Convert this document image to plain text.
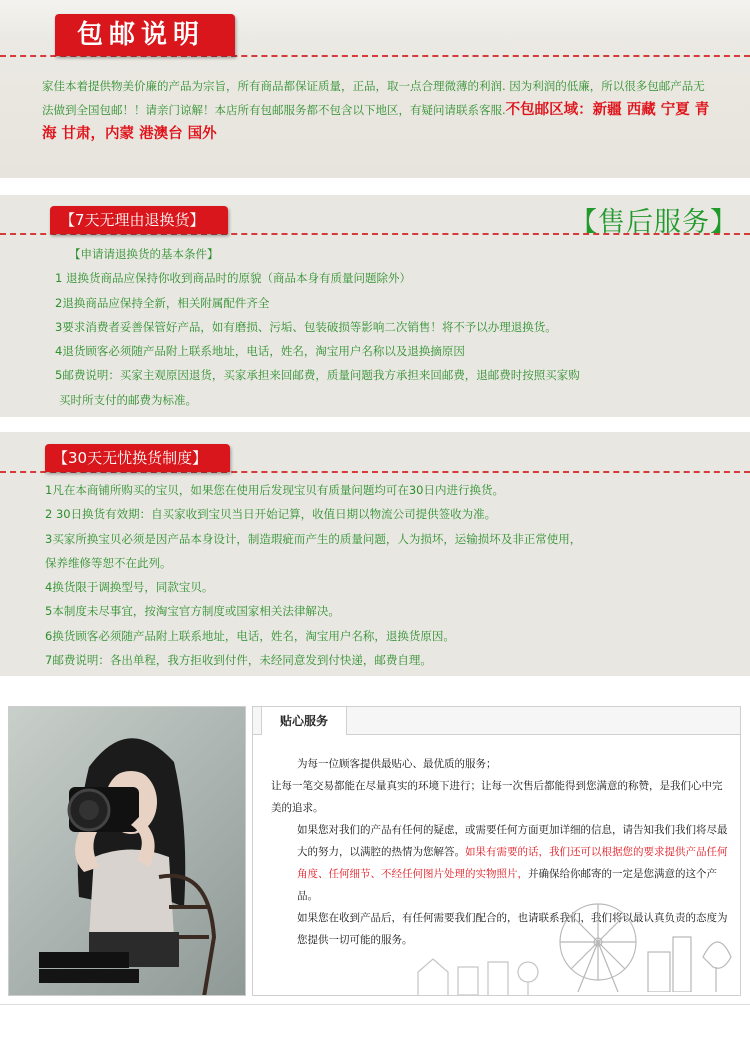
包邮说明
家佳本着提供物美价廉的产品为宗旨，所有商品都保证质量，正品，取一点合理微薄的利润. 因为利润的低廉，所以很多包邮产品无法做到全国包邮！！请亲门谅解！本店所有包邮服务都不包含以下地区，有疑问请联系客服.不包邮区域：新疆 西藏 宁夏 青海 甘肃，内蒙 港澳台 国外
【7天无理由退换货】	【售后服务】
【申请请退换货的基本条件】
1 退换货商品应保持你收到商品时的原貌（商品本身有质量问题除外）
2退换商品应保持全新，相关附属配件齐全
3要求消费者妥善保管好产品，如有磨损、污垢、包装破损等影响二次销售！将不予以办理退换货。
4退货顾客必须随产品附上联系地址，电话，姓名，淘宝用户名称以及退换摘原因
5邮费说明：买家主观原因退货，买家承担来回邮费，质量问题我方承担来回邮费，退邮费时按照买家购
买时所支付的邮费为标准。
【30天无忧换货制度】
1凡在本商铺所购买的宝贝，如果您在使用后发现宝贝有质量问题均可在30日内进行换货。
2 30日换货有效期：自买家收到宝贝当日开始记算，收值日期以物流公司提供签收为准。
3买家所换宝贝必须是因产品本身设计，制造瑕疵而产生的质量问题，人为损坏，运输损坏及非正常使用，
保养维修等恕不在此列。
4换货限于调换型号，同款宝贝。
5本制度未尽事宜，按淘宝官方制度或国家相关法律解决。
6换货顾客必须随产品附上联系地址，电话，姓名，淘宝用户名称，退换货原因。
7邮费说明：各出单程，我方拒收到付件，未经同意发到付快递，邮费自理。
贴心服务
为每一位顾客提供最贴心、最优质的服务；
让每一笔交易都能在尽量真实的环境下进行；让每一次售后都能得到您满意的称赞，是我们心中完美的追求。
如果您对我们的产品有任何的疑虑，或需要任何方面更加详细的信息，请告知我们我们将尽最大的努力，以满腔的热情为您解答。如果有需要的话，我们还可以根据您的要求提供产品任何角度、任何细节、不经任何图片处理的实物照片，并确保给你邮寄的一定是您满意的这个产品。
如果您在收到产品后，有任何需要我们配合的，也请联系我们，我们将以最认真负责的态度为您提供一切可能的服务。
